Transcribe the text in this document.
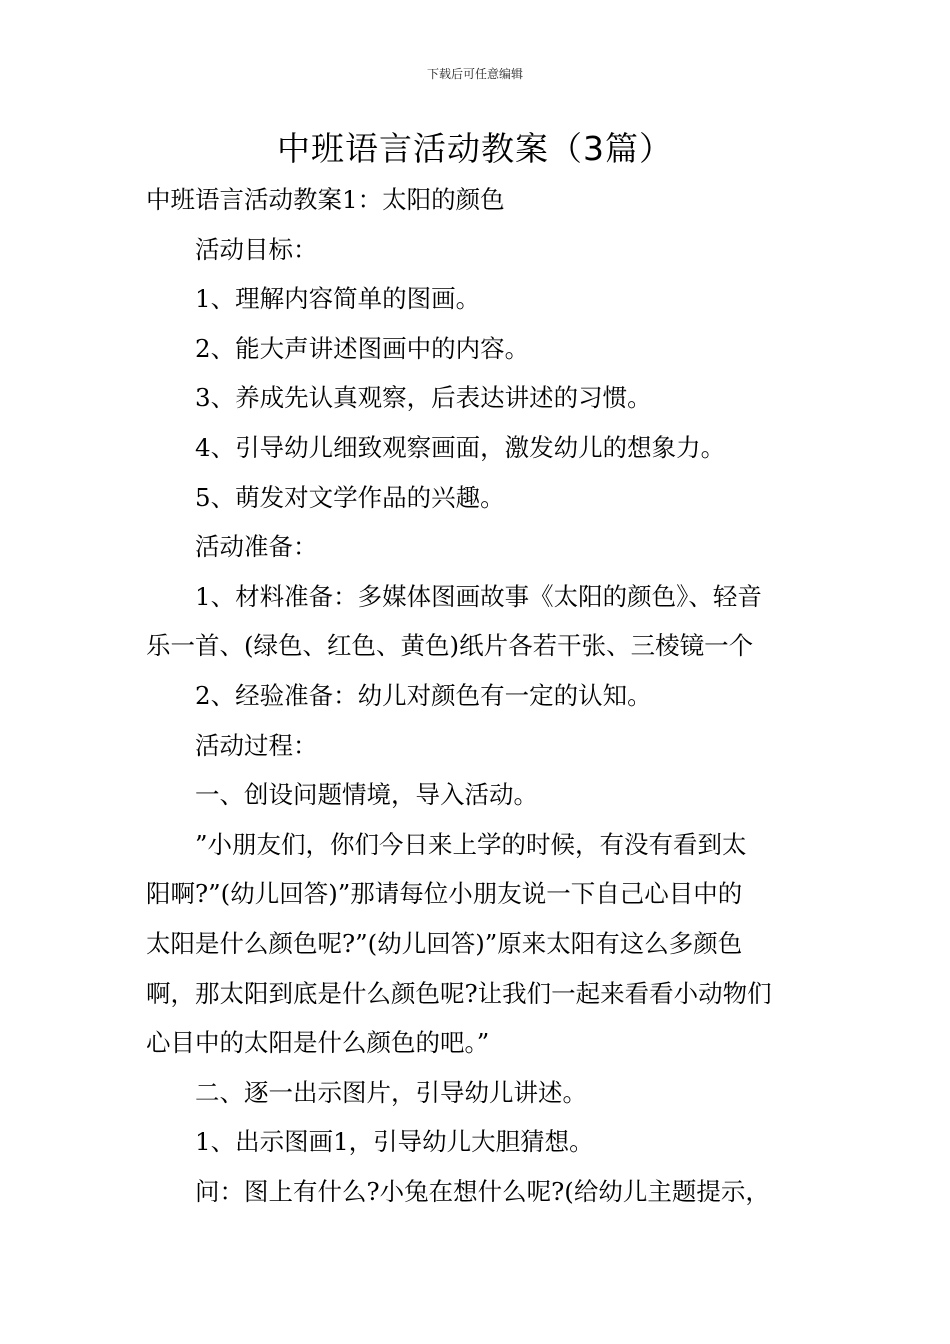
下载后可任意编辑
中班语言活动教案（3篇）
中班语言活动教案1：太阳的颜色
活动目标：
1、理解内容简单的图画。
2、能大声讲述图画中的内容。
3、养成先认真观察，后表达讲述的习惯。
4、引导幼儿细致观察画面，激发幼儿的想象力。
5、萌发对文学作品的兴趣。
活动准备：
1、材料准备：多媒体图画故事《太阳的颜色》、轻音
乐一首、(绿色、红色、黄色)纸片各若干张、三棱镜一个
2、经验准备：幼儿对颜色有一定的认知。
活动过程：
一、创设问题情境，导入活动。
”小朋友们，你们今日来上学的时候，有没有看到太
阳啊?”(幼儿回答)”那请每位小朋友说一下自己心目中的
太阳是什么颜色呢?”(幼儿回答)”原来太阳有这么多颜色
啊，那太阳到底是什么颜色呢?让我们一起来看看小动物们
心目中的太阳是什么颜色的吧。”
二、逐一出示图片，引导幼儿讲述。
1、出示图画1，引导幼儿大胆猜想。
问：图上有什么?小兔在想什么呢?(给幼儿主题提示，
